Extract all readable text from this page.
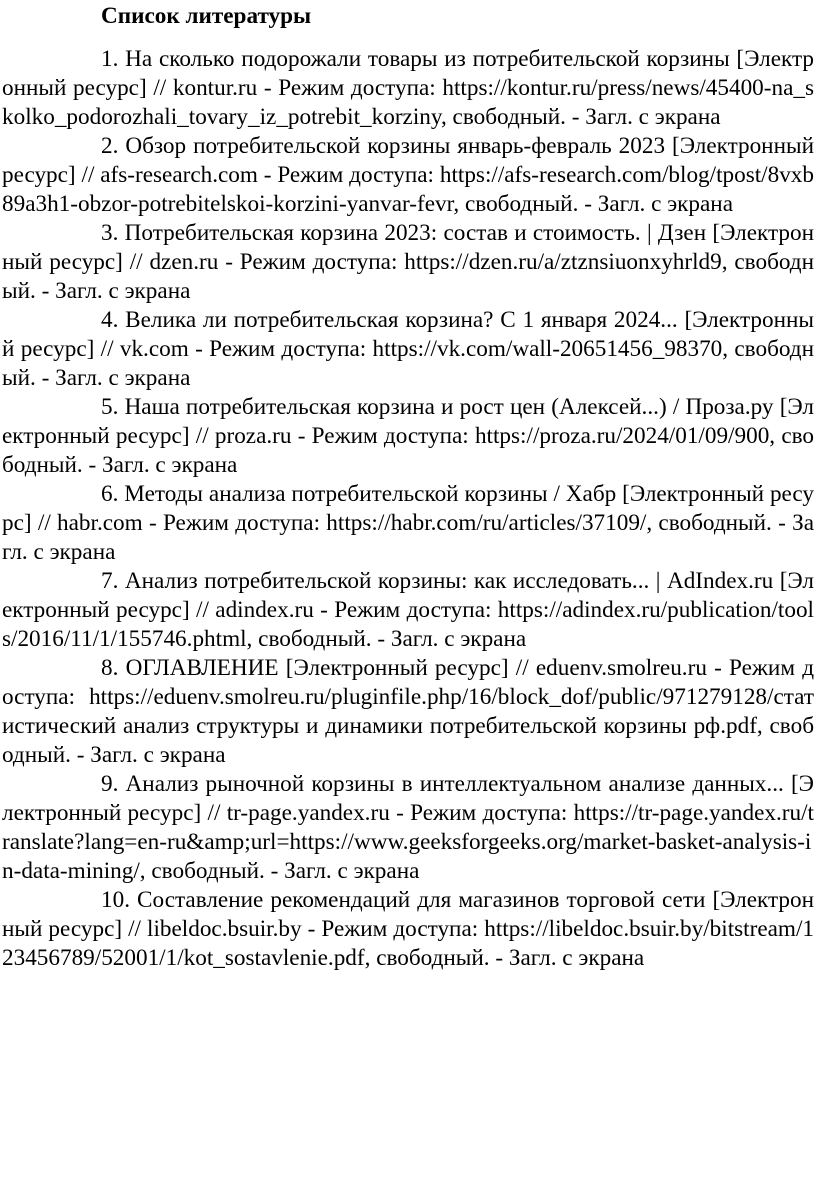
Список литературы

1. На сколько подорожали товары из потребительской корзины [Электронный ресурс] // kontur.ru - Режим доступа: https://kontur.ru/press/news/45400-na_skolko_podorozhali_tovary_iz_potrebit_korziny, свободный. - Загл. с экрана

2. Обзор потребительской корзины январь-февраль 2023 [Электронный ресурс] // afs-research.com - Режим доступа: https://afs-research.com/blog/tpost/8vxb89a3h1-obzor-potrebitelskoi-korzini-yanvar-fevr, свободный. - Загл. с экрана

3. Потребительская корзина 2023: состав и стоимость. | Дзен [Электронный ресурс] // dzen.ru - Режим доступа: https://dzen.ru/a/ztznsiuonxyhrld9, свободный. - Загл. с экрана

4. Велика ли потребительская корзина? С 1 января 2024... [Электронный ресурс] // vk.com - Режим доступа: https://vk.com/wall-20651456_98370, свободный. - Загл. с экрана

5. Наша потребительская корзина и рост цен (Алексей...) / Проза.ру [Электронный ресурс] // proza.ru - Режим доступа: https://proza.ru/2024/01/09/900, свободный. - Загл. с экрана

6. Методы анализа потребительской корзины / Хабр [Электронный ресурс] // habr.com - Режим доступа: https://habr.com/ru/articles/37109/, свободный. - Загл. с экрана

7. Анализ потребительской корзины: как исследовать... | AdIndex.ru [Электронный ресурс] // adindex.ru - Режим доступа: https://adindex.ru/publication/tools/2016/11/1/155746.phtml, свободный. - Загл. с экрана

8. ОГЛАВЛЕНИЕ [Электронный ресурс] // eduenv.smolreu.ru - Режим доступа: https://eduenv.smolreu.ru/pluginfile.php/16/block_dof/public/971279128/статистический анализ структуры и динамики потребительской корзины рф.pdf, свободный. - Загл. с экрана

9. Анализ рыночной корзины в интеллектуальном анализе данных... [Электронный ресурс] // tr-page.yandex.ru - Режим доступа: https://tr-page.yandex.ru/translate?lang=en-ru&amp;url=https://www.geeksforgeeks.org/market-basket-analysis-in-data-mining/, свободный. - Загл. с экрана

10. Составление рекомендаций для магазинов торговой сети [Электронный ресурс] // libeldoc.bsuir.by - Режим доступа: https://libeldoc.bsuir.by/bitstream/123456789/52001/1/kot_sostavlenie.pdf, свободный. - Загл. с экрана
